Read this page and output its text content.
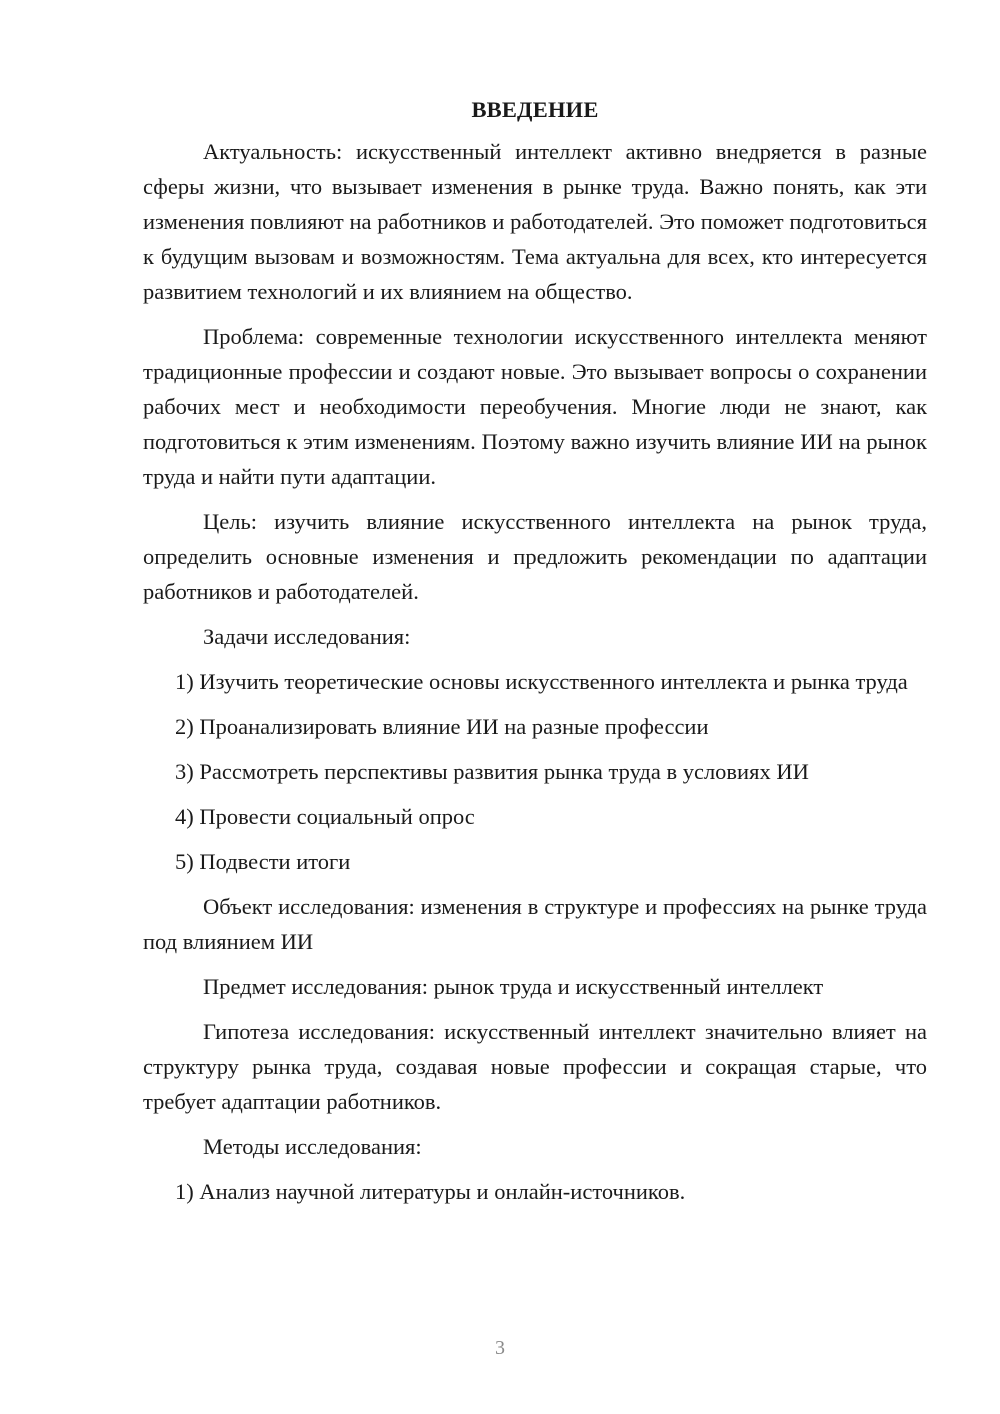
ВВЕДЕНИЕ

Актуальность: искусственный интеллект активно внедряется в разные сферы жизни, что вызывает изменения в рынке труда. Важно понять, как эти изменения повлияют на работников и работодателей. Это поможет подготовиться к будущим вызовам и возможностям. Тема актуальна для всех, кто интересуется развитием технологий и их влиянием на общество.

Проблема: современные технологии искусственного интеллекта меняют традиционные профессии и создают новые. Это вызывает вопросы о сохранении рабочих мест и необходимости переобучения. Многие люди не знают, как подготовиться к этим изменениям. Поэтому важно изучить влияние ИИ на рынок труда и найти пути адаптации.

Цель: изучить влияние искусственного интеллекта на рынок труда, определить основные изменения и предложить рекомендации по адаптации работников и работодателей.

Задачи исследования:

1) Изучить теоретические основы искусственного интеллекта и рынка труда

2) Проанализировать влияние ИИ на разные профессии

3) Рассмотреть перспективы развития рынка труда в условиях ИИ

4) Провести социальный опрос

5) Подвести итоги

Объект исследования: изменения в структуре и профессиях на рынке труда под влиянием ИИ

Предмет исследования: рынок труда и искусственный интеллект

Гипотеза исследования: искусственный интеллект значительно влияет на структуру рынка труда, создавая новые профессии и сокращая старые, что требует адаптации работников.

Методы исследования:

1) Анализ научной литературы и онлайн-источников.

3
